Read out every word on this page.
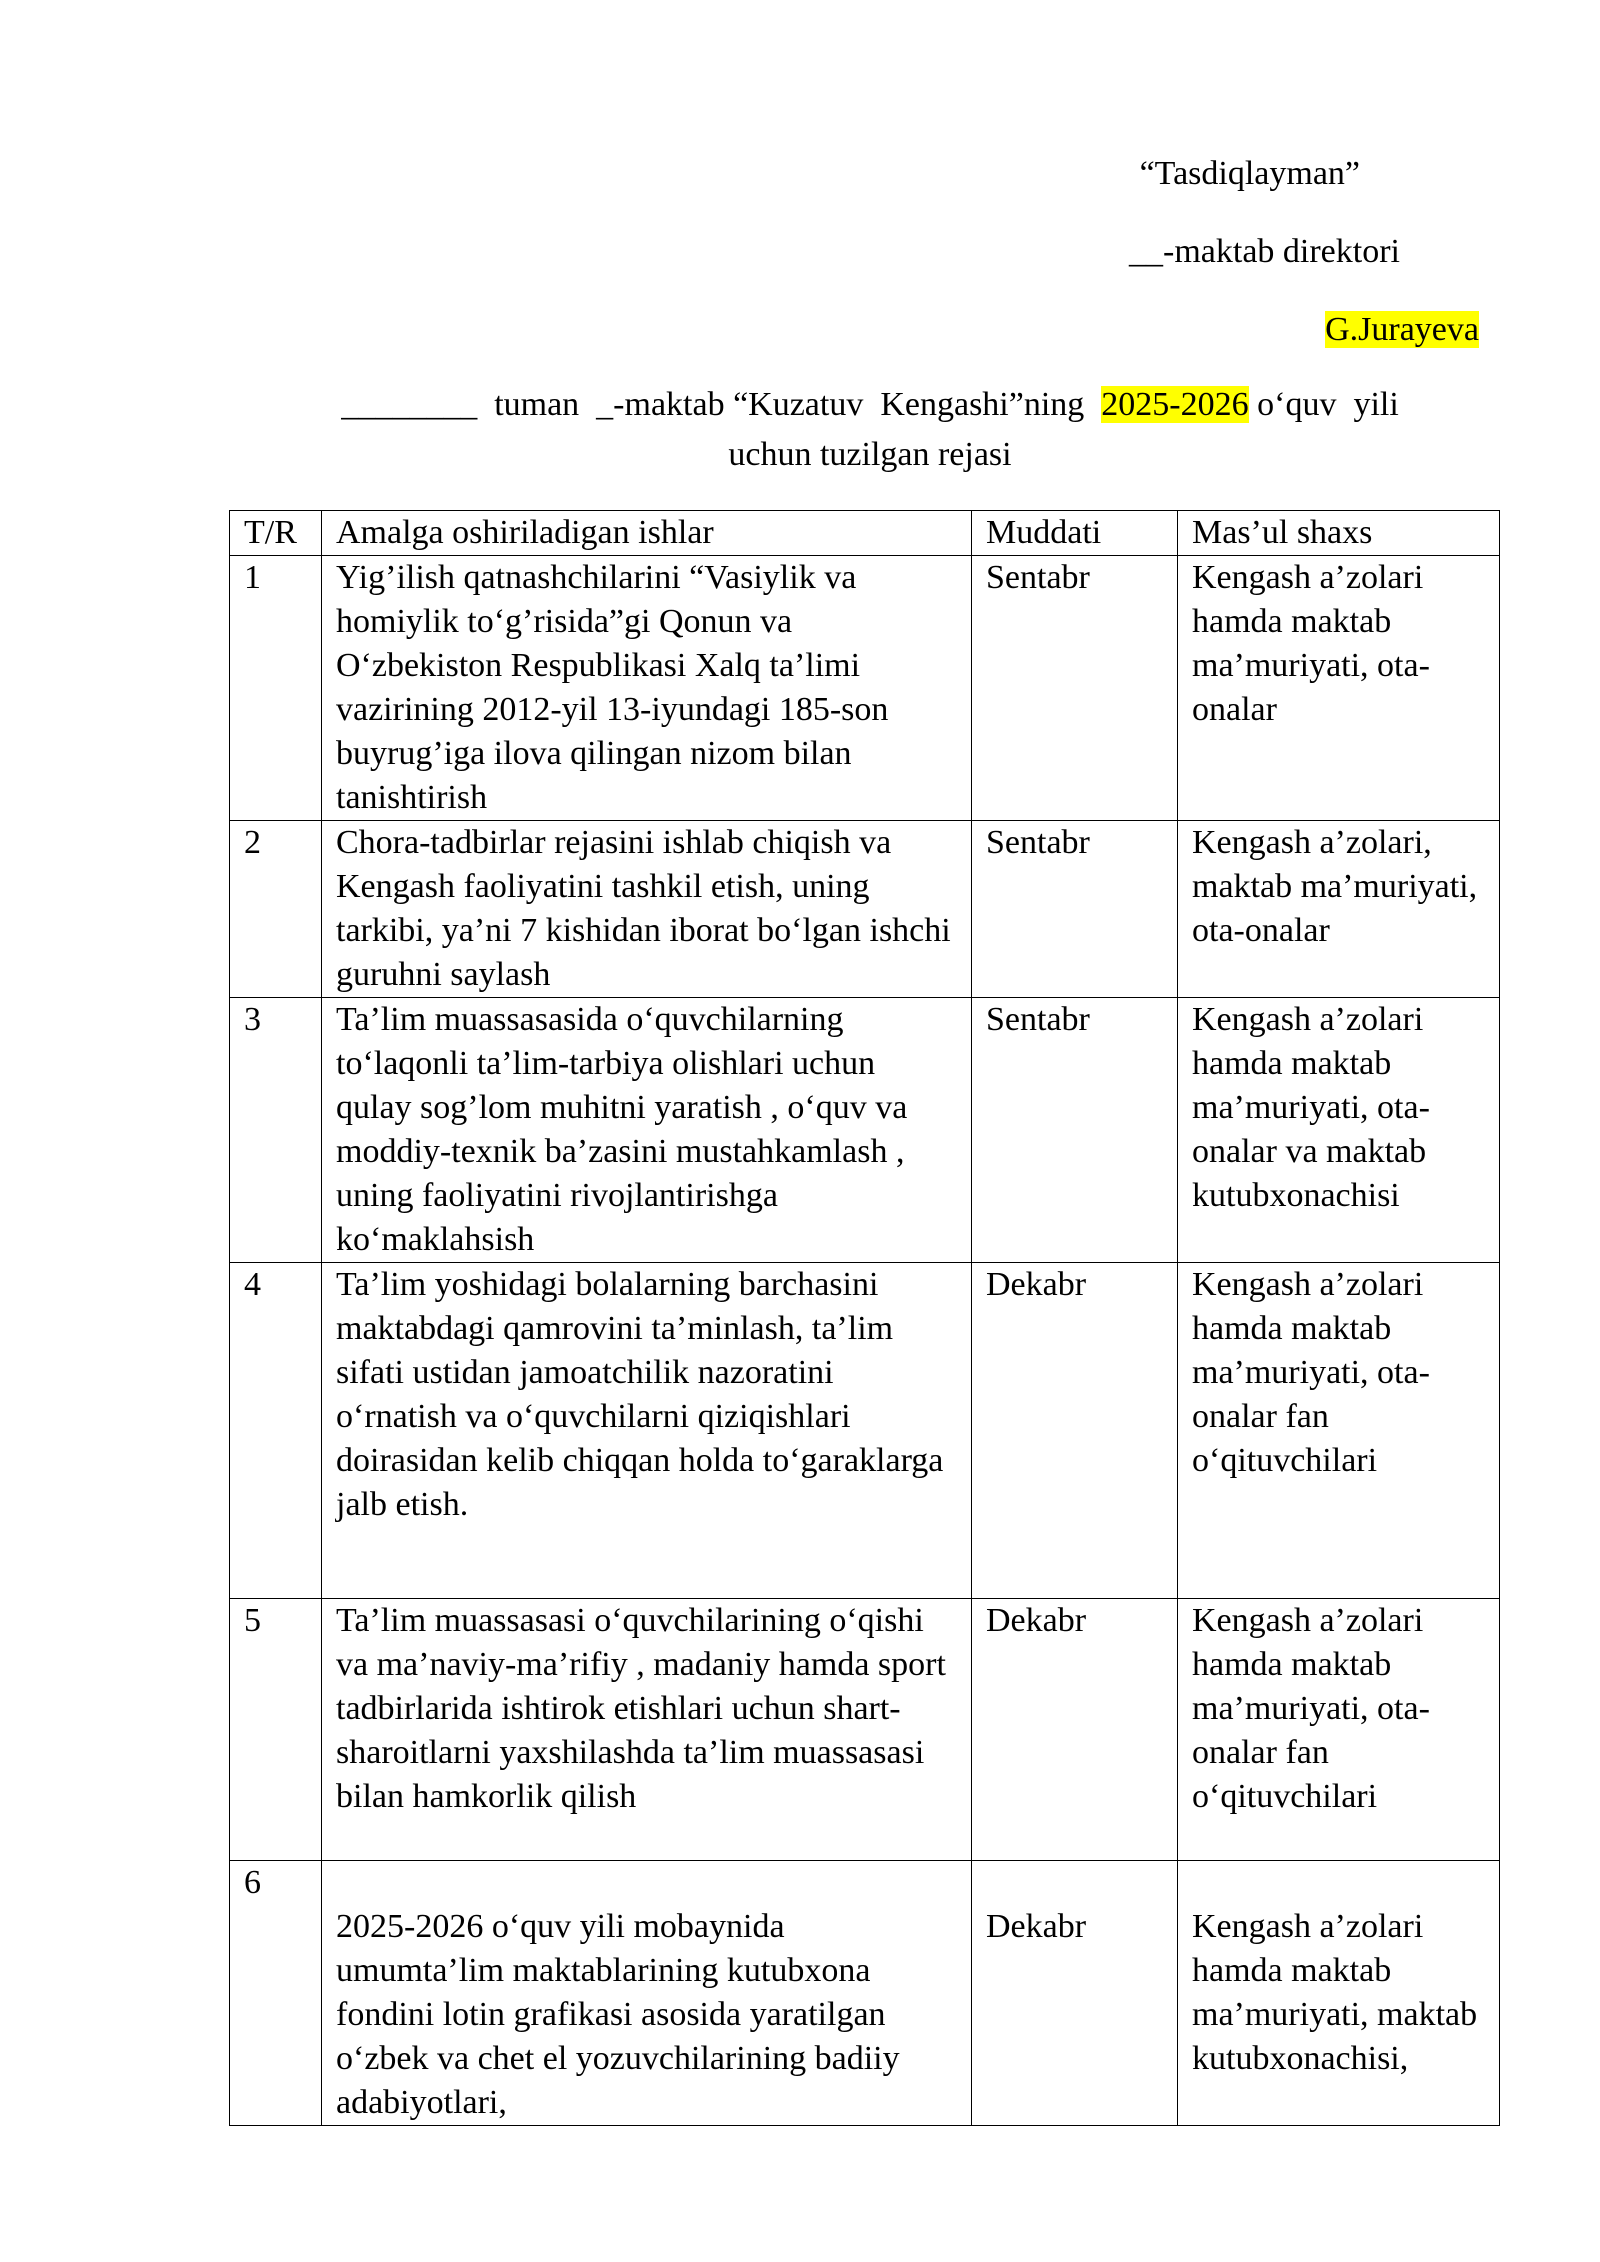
“Tasdiqlayman”
__-maktab direktori
G.Jurayeva
________ tuman  _-maktab “Kuzatuv  Kengashi”ning  2025-2026 o‘quv  yili
uchun tuzilgan rejasi
T/R	Amalga oshiriladigan ishlar	Muddati	Mas’ul shaxs
1	Yig’ilish qatnashchilarini “Vasiylik va homiylik to‘g’risida”gi Qonun va O‘zbekiston Respublikasi Xalq ta’limi vazirining 2012-yil 13-iyundagi 185-son buyrug’iga ilova qilingan nizom bilan tanishtirish	Sentabr	Kengash a’zolari hamda maktab ma’muriyati, ota-onalar
2	Chora-tadbirlar rejasini ishlab chiqish va Kengash faoliyatini tashkil etish, uning tarkibi, ya’ni 7 kishidan iborat bo‘lgan ishchi guruhni saylash	Sentabr	Kengash a’zolari, maktab ma’muriyati, ota-onalar
3	Ta’lim muassasasida o‘quvchilarning to‘laqonli ta’lim-tarbiya olishlari uchun qulay sog’lom muhitni yaratish , o‘quv va moddiy-texnik ba’zasini mustahkamlash , uning faoliyatini rivojlantirishga ko‘maklahsish	Sentabr	Kengash a’zolari hamda maktab ma’muriyati, ota-onalar va maktab kutubxonachisi
4	Ta’lim yoshidagi bolalarning barchasini maktabdagi qamrovini ta’minlash, ta’lim sifati ustidan jamoatchilik nazoratini o‘rnatish va o‘quvchilarni qiziqishlari doirasidan kelib chiqqan holda to‘garaklarga jalb etish.	Dekabr	Kengash a’zolari hamda maktab ma’muriyati, ota-onalar fan o‘qituvchilari
5	Ta’lim muassasasi o‘quvchilarining o‘qishi va ma’naviy-ma’rifiy , madaniy hamda sport tadbirlarida ishtirok etishlari uchun shart-sharoitlarni yaxshilashda ta’lim muassasasi bilan hamkorlik qilish	Dekabr	Kengash a’zolari hamda maktab ma’muriyati, ota-onalar fan o‘qituvchilari
6	2025-2026 o‘quv yili mobaynida umumta’lim maktablarining kutubxona fondini lotin grafikasi asosida yaratilgan o‘zbek va chet el yozuvchilarining badiiy adabiyotlari,	Dekabr	Kengash a’zolari hamda maktab ma’muriyati, maktab kutubxonachisi,
